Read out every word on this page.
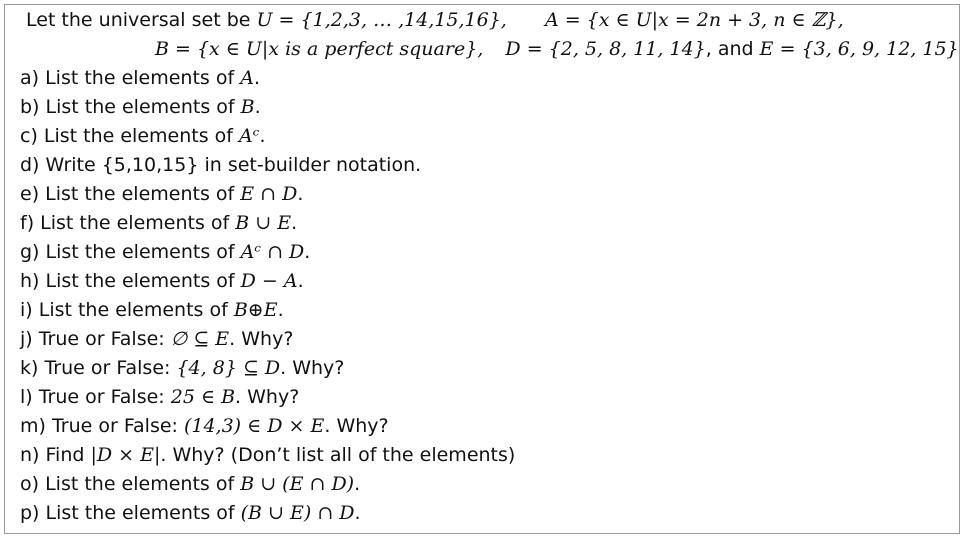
Let the universal set be U = {1,2,3, … ,14,15,16}, A = {x ∈ U|x = 2n + 3, n ∈ ℤ},
B = {x ∈ U|x is a perfect square}, D = {2, 5, 8, 11, 14}, and E = {3, 6, 9, 12, 15}
a) List the elements of A.
b) List the elements of B.
c) List the elements of Aᶜ.
d) Write {5,10,15} in set-builder notation.
e) List the elements of E ∩ D.
f) List the elements of B ∪ E.
g) List the elements of Aᶜ ∩ D.
h) List the elements of D − A.
i) List the elements of B⊕E.
j) True or False: ∅ ⊆ E. Why?
k) True or False: {4, 8} ⊆ D. Why?
l) True or False: 25 ∈ B. Why?
m) True or False: (14,3) ∈ D × E. Why?
n) Find |D × E|. Why? (Don’t list all of the elements)
o) List the elements of B ∪ (E ∩ D).
p) List the elements of (B ∪ E) ∩ D.
